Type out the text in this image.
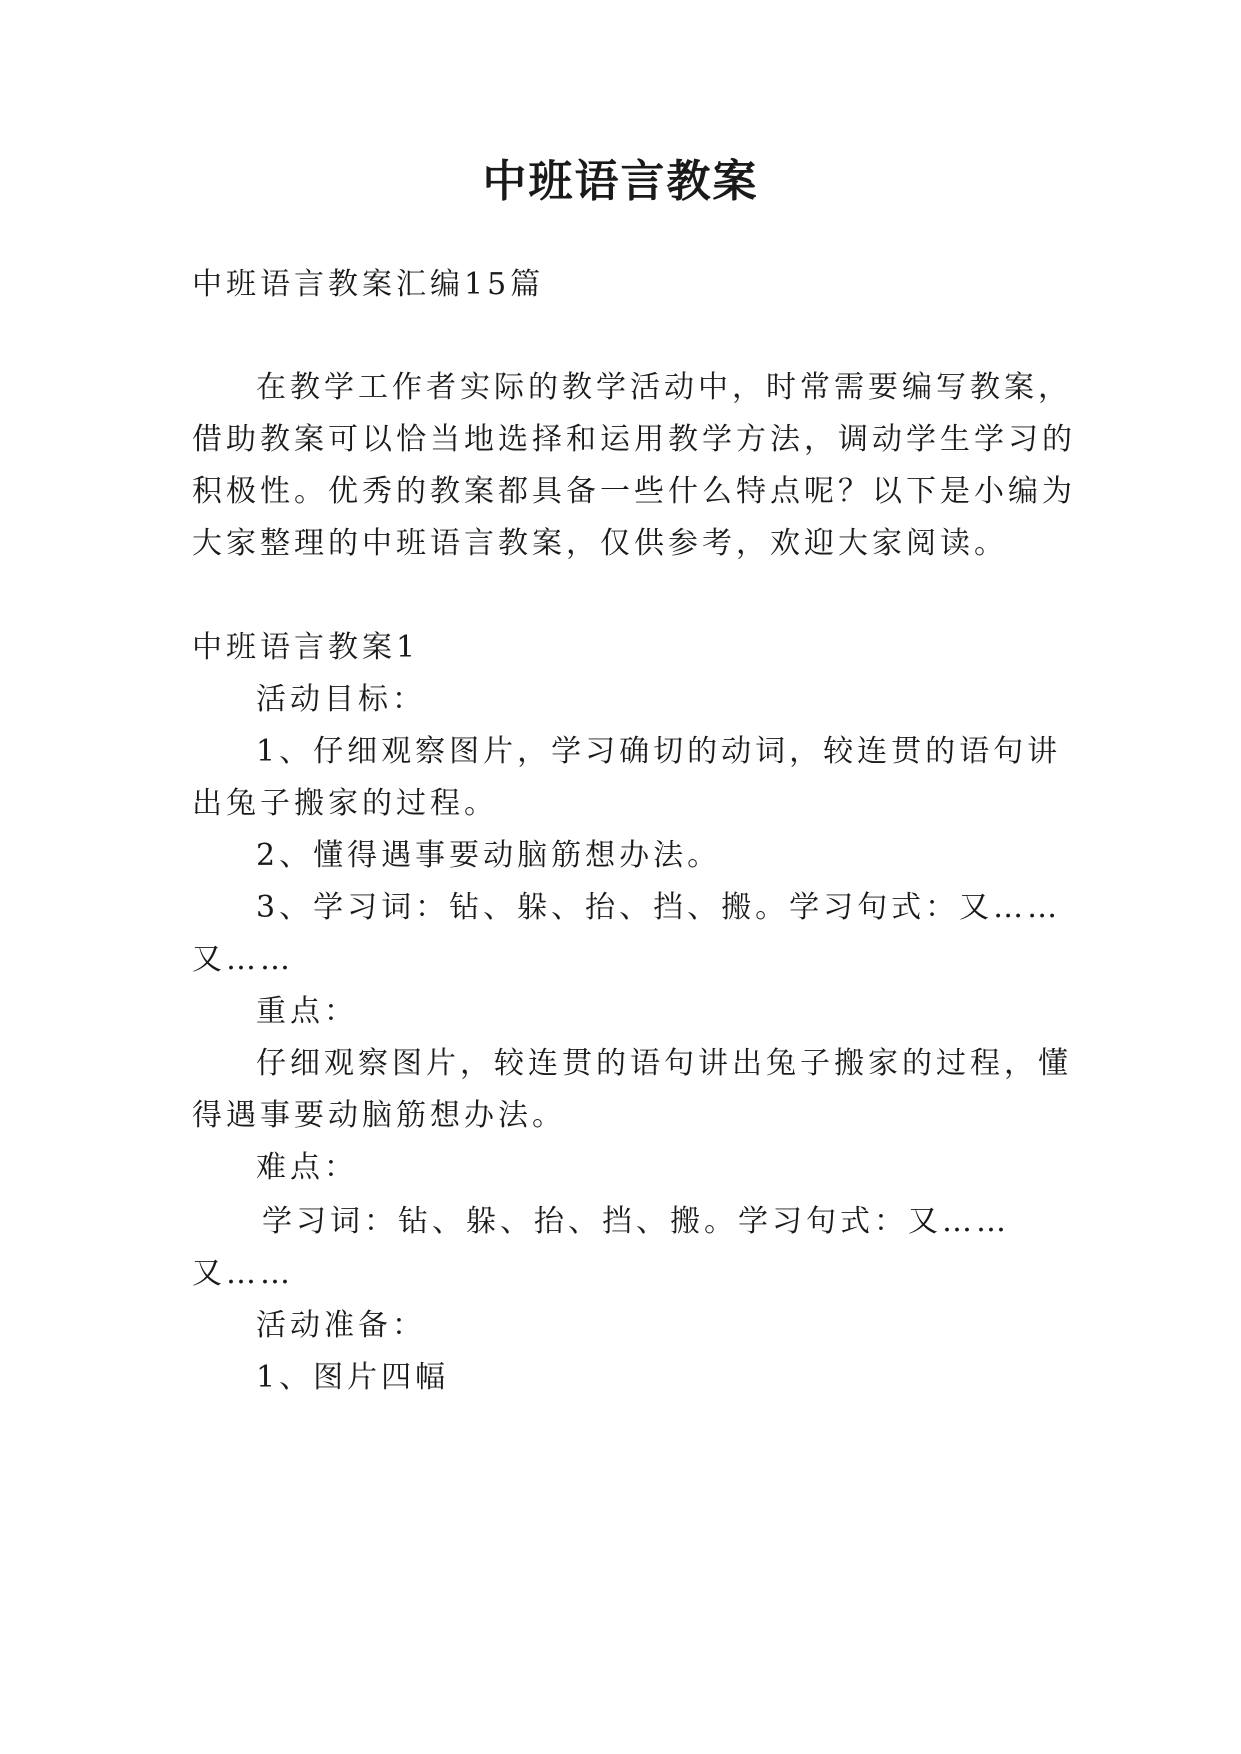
中班语言教案
中班语言教案汇编15篇
在教学工作者实际的教学活动中，时常需要编写教案，
借助教案可以恰当地选择和运用教学方法，调动学生学习的
积极性。优秀的教案都具备一些什么特点呢？以下是小编为
大家整理的中班语言教案，仅供参考，欢迎大家阅读。
中班语言教案1
活动目标：
1、仔细观察图片，学习确切的动词，较连贯的语句讲
出兔子搬家的过程。
2、懂得遇事要动脑筋想办法。
3、学习词：钻、躲、抬、挡、搬。学习句式：又……
又……
重点：
仔细观察图片，较连贯的语句讲出兔子搬家的过程，懂
得遇事要动脑筋想办法。
难点：
学习词：钻、躲、抬、挡、搬。学习句式：又……
又……
活动准备：
1、图片四幅
